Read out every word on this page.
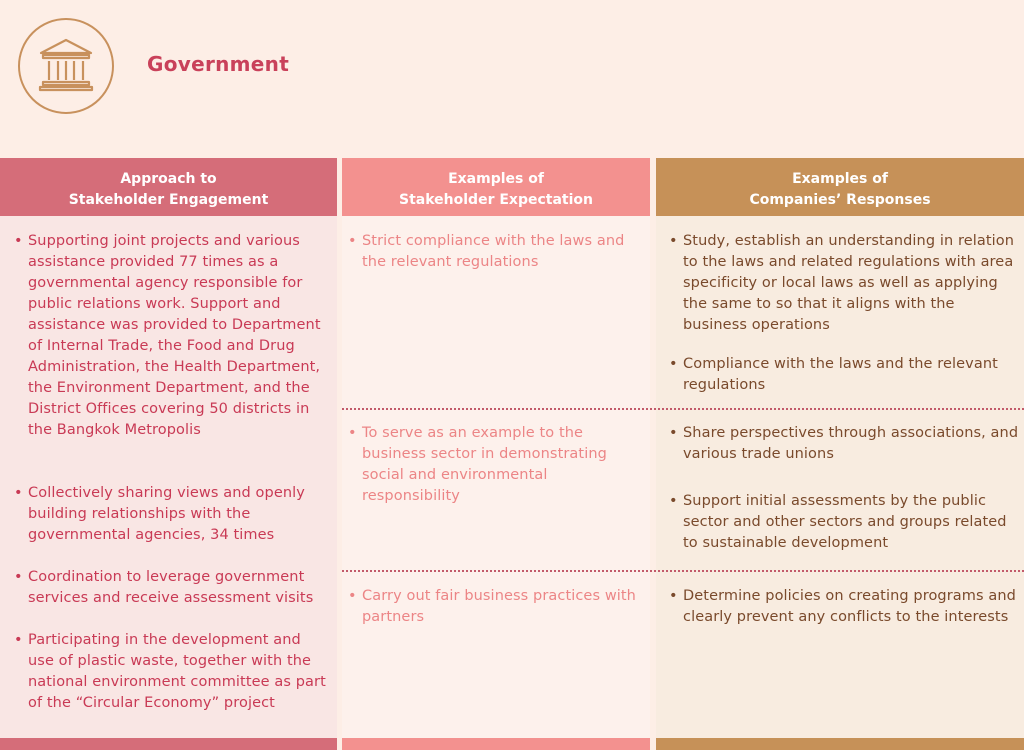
Government
Approach to
Stakeholder Engagement
• Supporting joint projects and various assistance provided 77 times as a governmental agency responsible for public relations work. Support and assistance was provided to Department of Internal Trade, the Food and Drug Administration, the Health Department, the Environment Department, and the District Offices covering 50 districts in the Bangkok Metropolis
• Collectively sharing views and openly building relationships with the governmental agencies, 34 times
• Coordination to leverage government services and receive assessment visits
• Participating in the development and use of plastic waste, together with the national environment committee as part of the “Circular Economy” project
Examples of
Stakeholder Expectation
• Strict compliance with the laws and the relevant regulations
• To serve as an example to the business sector in demonstrating social and environmental responsibility
• Carry out fair business practices with partners
Examples of
Companies’ Responses
• Study, establish an understanding in relation to the laws and related regulations with area specificity or local laws as well as applying the same to so that it aligns with the business operations
• Compliance with the laws and the relevant regulations
• Share perspectives through associations, and various trade unions
• Support initial assessments by the public sector and other sectors and groups related to sustainable development
• Determine policies on creating programs and clearly prevent any conflicts to the interests
